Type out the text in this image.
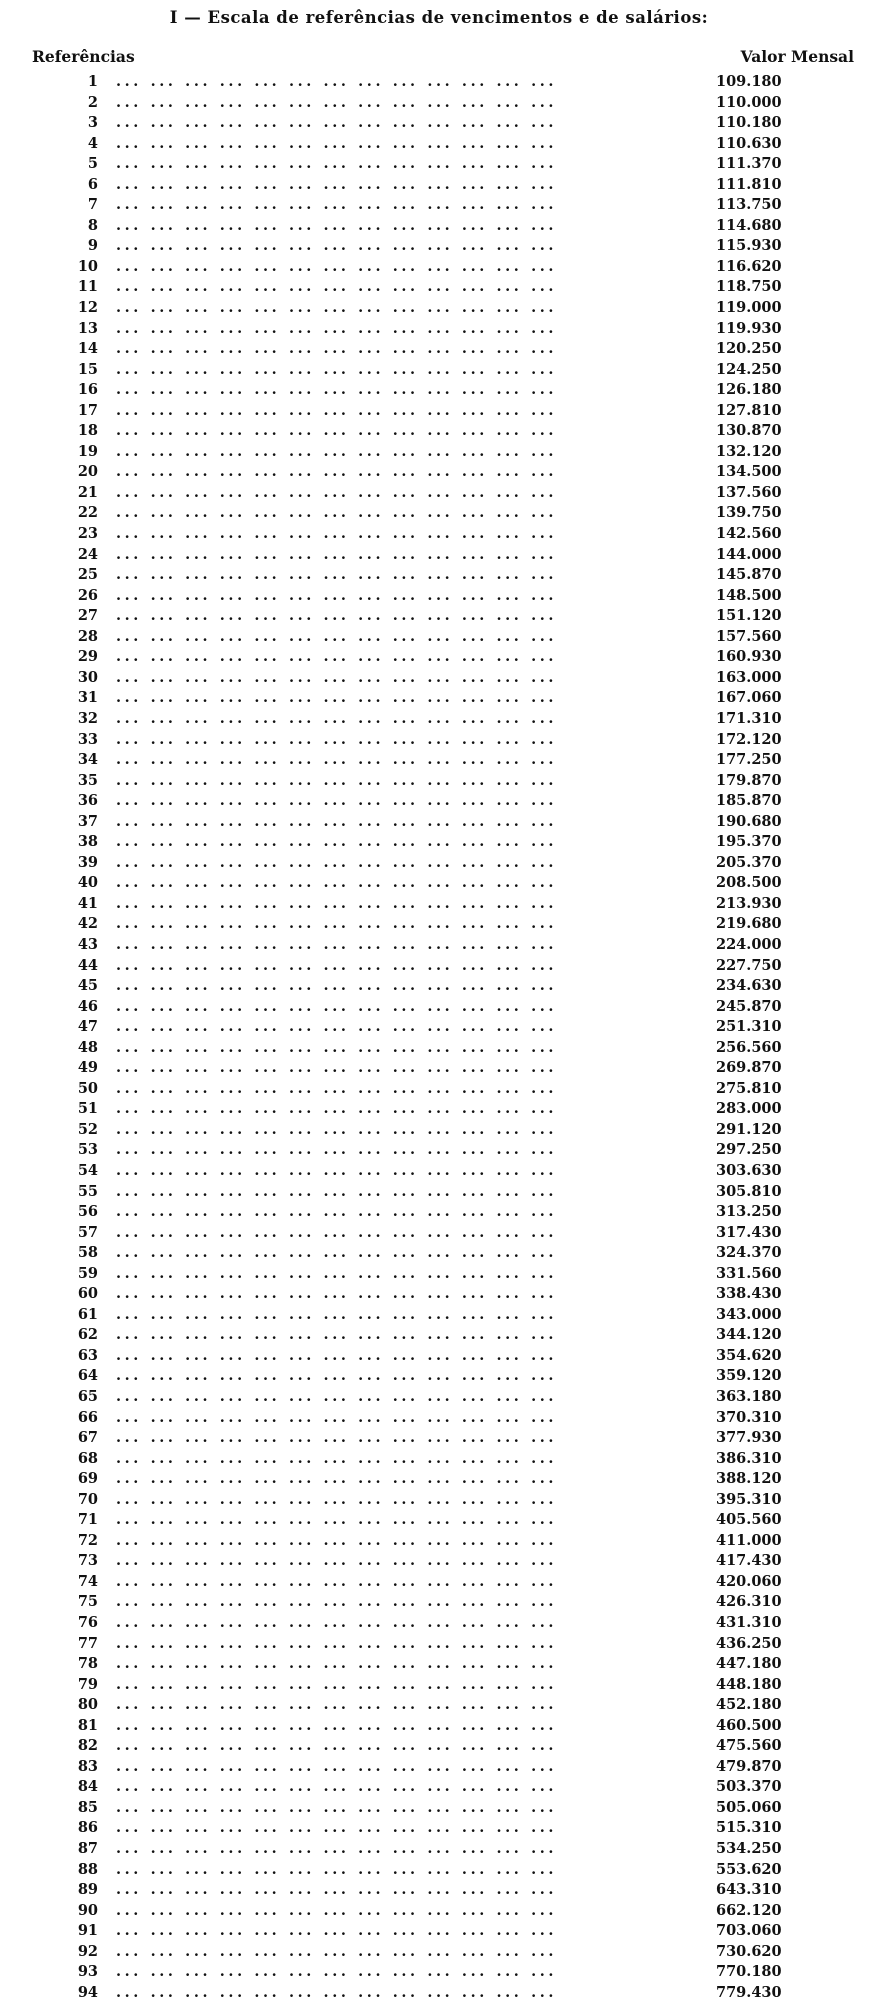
I — Escala de referências de vencimentos e de salários:
Referências	Valor Mensal
1 ... ... ... ... ... ... ... ... ... ... ... ... ...	109.180
2 ... ... ... ... ... ... ... ... ... ... ... ... ...	110.000
3 ... ... ... ... ... ... ... ... ... ... ... ... ...	110.180
4 ... ... ... ... ... ... ... ... ... ... ... ... ...	110.630
5 ... ... ... ... ... ... ... ... ... ... ... ... ...	111.370
6 ... ... ... ... ... ... ... ... ... ... ... ... ...	111.810
7 ... ... ... ... ... ... ... ... ... ... ... ... ...	113.750
8 ... ... ... ... ... ... ... ... ... ... ... ... ...	114.680
9 ... ... ... ... ... ... ... ... ... ... ... ... ...	115.930
10 ... ... ... ... ... ... ... ... ... ... ... ... ...	116.620
11 ... ... ... ... ... ... ... ... ... ... ... ... ...	118.750
12 ... ... ... ... ... ... ... ... ... ... ... ... ...	119.000
13 ... ... ... ... ... ... ... ... ... ... ... ... ...	119.930
14 ... ... ... ... ... ... ... ... ... ... ... ... ...	120.250
15 ... ... ... ... ... ... ... ... ... ... ... ... ...	124.250
16 ... ... ... ... ... ... ... ... ... ... ... ... ...	126.180
17 ... ... ... ... ... ... ... ... ... ... ... ... ...	127.810
18 ... ... ... ... ... ... ... ... ... ... ... ... ...	130.870
19 ... ... ... ... ... ... ... ... ... ... ... ... ...	132.120
20 ... ... ... ... ... ... ... ... ... ... ... ... ...	134.500
21 ... ... ... ... ... ... ... ... ... ... ... ... ...	137.560
22 ... ... ... ... ... ... ... ... ... ... ... ... ...	139.750
23 ... ... ... ... ... ... ... ... ... ... ... ... ...	142.560
24 ... ... ... ... ... ... ... ... ... ... ... ... ...	144.000
25 ... ... ... ... ... ... ... ... ... ... ... ... ...	145.870
26 ... ... ... ... ... ... ... ... ... ... ... ... ...	148.500
27 ... ... ... ... ... ... ... ... ... ... ... ... ...	151.120
28 ... ... ... ... ... ... ... ... ... ... ... ... ...	157.560
29 ... ... ... ... ... ... ... ... ... ... ... ... ...	160.930
30 ... ... ... ... ... ... ... ... ... ... ... ... ...	163.000
31 ... ... ... ... ... ... ... ... ... ... ... ... ...	167.060
32 ... ... ... ... ... ... ... ... ... ... ... ... ...	171.310
33 ... ... ... ... ... ... ... ... ... ... ... ... ...	172.120
34 ... ... ... ... ... ... ... ... ... ... ... ... ...	177.250
35 ... ... ... ... ... ... ... ... ... ... ... ... ...	179.870
36 ... ... ... ... ... ... ... ... ... ... ... ... ...	185.870
37 ... ... ... ... ... ... ... ... ... ... ... ... ...	190.680
38 ... ... ... ... ... ... ... ... ... ... ... ... ...	195.370
39 ... ... ... ... ... ... ... ... ... ... ... ... ...	205.370
40 ... ... ... ... ... ... ... ... ... ... ... ... ...	208.500
41 ... ... ... ... ... ... ... ... ... ... ... ... ...	213.930
42 ... ... ... ... ... ... ... ... ... ... ... ... ...	219.680
43 ... ... ... ... ... ... ... ... ... ... ... ... ...	224.000
44 ... ... ... ... ... ... ... ... ... ... ... ... ...	227.750
45 ... ... ... ... ... ... ... ... ... ... ... ... ...	234.630
46 ... ... ... ... ... ... ... ... ... ... ... ... ...	245.870
47 ... ... ... ... ... ... ... ... ... ... ... ... ...	251.310
48 ... ... ... ... ... ... ... ... ... ... ... ... ...	256.560
49 ... ... ... ... ... ... ... ... ... ... ... ... ...	269.870
50 ... ... ... ... ... ... ... ... ... ... ... ... ...	275.810
51 ... ... ... ... ... ... ... ... ... ... ... ... ...	283.000
52 ... ... ... ... ... ... ... ... ... ... ... ... ...	291.120
53 ... ... ... ... ... ... ... ... ... ... ... ... ...	297.250
54 ... ... ... ... ... ... ... ... ... ... ... ... ...	303.630
55 ... ... ... ... ... ... ... ... ... ... ... ... ...	305.810
56 ... ... ... ... ... ... ... ... ... ... ... ... ...	313.250
57 ... ... ... ... ... ... ... ... ... ... ... ... ...	317.430
58 ... ... ... ... ... ... ... ... ... ... ... ... ...	324.370
59 ... ... ... ... ... ... ... ... ... ... ... ... ...	331.560
60 ... ... ... ... ... ... ... ... ... ... ... ... ...	338.430
61 ... ... ... ... ... ... ... ... ... ... ... ... ...	343.000
62 ... ... ... ... ... ... ... ... ... ... ... ... ...	344.120
63 ... ... ... ... ... ... ... ... ... ... ... ... ...	354.620
64 ... ... ... ... ... ... ... ... ... ... ... ... ...	359.120
65 ... ... ... ... ... ... ... ... ... ... ... ... ...	363.180
66 ... ... ... ... ... ... ... ... ... ... ... ... ...	370.310
67 ... ... ... ... ... ... ... ... ... ... ... ... ...	377.930
68 ... ... ... ... ... ... ... ... ... ... ... ... ...	386.310
69 ... ... ... ... ... ... ... ... ... ... ... ... ...	388.120
70 ... ... ... ... ... ... ... ... ... ... ... ... ...	395.310
71 ... ... ... ... ... ... ... ... ... ... ... ... ...	405.560
72 ... ... ... ... ... ... ... ... ... ... ... ... ...	411.000
73 ... ... ... ... ... ... ... ... ... ... ... ... ...	417.430
74 ... ... ... ... ... ... ... ... ... ... ... ... ...	420.060
75 ... ... ... ... ... ... ... ... ... ... ... ... ...	426.310
76 ... ... ... ... ... ... ... ... ... ... ... ... ...	431.310
77 ... ... ... ... ... ... ... ... ... ... ... ... ...	436.250
78 ... ... ... ... ... ... ... ... ... ... ... ... ...	447.180
79 ... ... ... ... ... ... ... ... ... ... ... ... ...	448.180
80 ... ... ... ... ... ... ... ... ... ... ... ... ...	452.180
81 ... ... ... ... ... ... ... ... ... ... ... ... ...	460.500
82 ... ... ... ... ... ... ... ... ... ... ... ... ...	475.560
83 ... ... ... ... ... ... ... ... ... ... ... ... ...	479.870
84 ... ... ... ... ... ... ... ... ... ... ... ... ...	503.370
85 ... ... ... ... ... ... ... ... ... ... ... ... ...	505.060
86 ... ... ... ... ... ... ... ... ... ... ... ... ...	515.310
87 ... ... ... ... ... ... ... ... ... ... ... ... ...	534.250
88 ... ... ... ... ... ... ... ... ... ... ... ... ...	553.620
89 ... ... ... ... ... ... ... ... ... ... ... ... ...	643.310
90 ... ... ... ... ... ... ... ... ... ... ... ... ...	662.120
91 ... ... ... ... ... ... ... ... ... ... ... ... ...	703.060
92 ... ... ... ... ... ... ... ... ... ... ... ... ...	730.620
93 ... ... ... ... ... ... ... ... ... ... ... ... ...	770.180
94 ... ... ... ... ... ... ... ... ... ... ... ... ...	779.430
